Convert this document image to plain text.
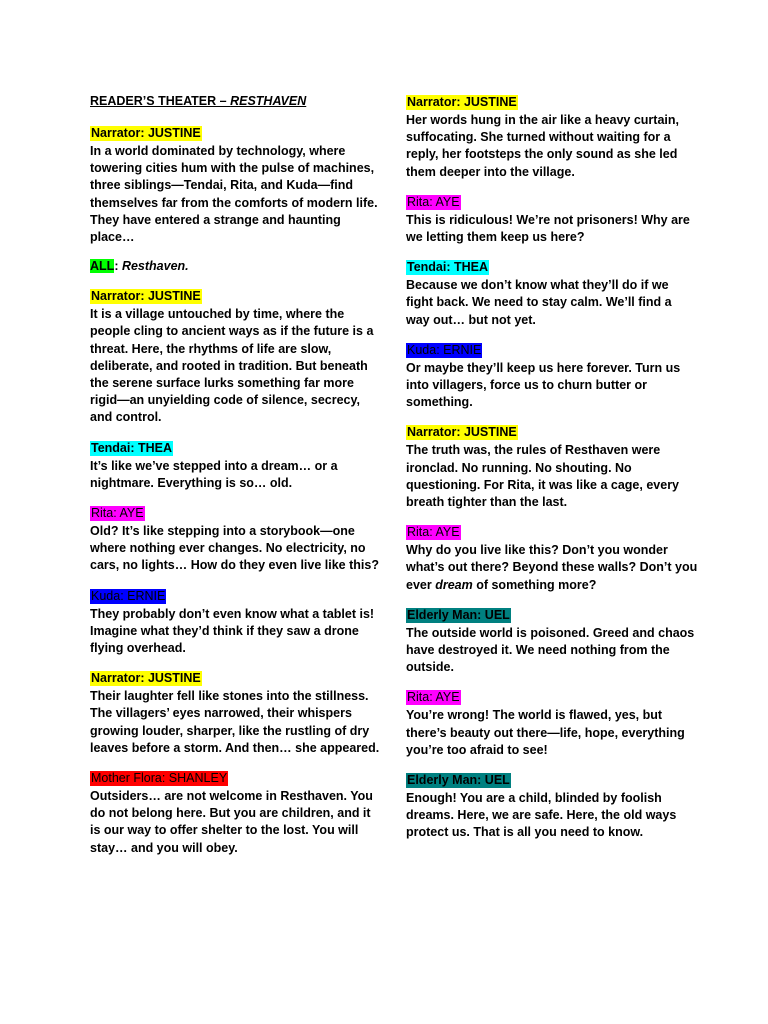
READER’S THEATER – RESTHAVEN
Narrator: JUSTINE

In a world dominated by technology, where towering cities hum with the pulse of machines, three siblings—Tendai, Rita, and Kuda—find themselves far from the comforts of modern life. They have entered a strange and haunting place…

ALL: Resthaven.

Narrator: JUSTINE

It is a village untouched by time, where the people cling to ancient ways as if the future is a threat. Here, the rhythms of life are slow, deliberate, and rooted in tradition. But beneath the serene surface lurks something far more rigid—an unyielding code of silence, secrecy, and control.

Tendai: THEA

It’s like we’ve stepped into a dream… or a nightmare. Everything is so… old.

Rita: AYE

Old? It’s like stepping into a storybook—one where nothing ever changes. No electricity, no cars, no lights… How do they even live like this?

Kuda: ERNIE

They probably don’t even know what a tablet is! Imagine what they’d think if they saw a drone flying overhead.

Narrator: JUSTINE

Their laughter fell like stones into the stillness. The villagers’ eyes narrowed, their whispers growing louder, sharper, like the rustling of dry leaves before a storm. And then… she appeared.

Mother Flora: SHANLEY

Outsiders… are not welcome in Resthaven. You do not belong here. But you are children, and it is our way to offer shelter to the lost. You will stay… and you will obey.

Narrator: JUSTINE

Her words hung in the air like a heavy curtain, suffocating. She turned without waiting for a reply, her footsteps the only sound as she led them deeper into the village.

Rita: AYE

This is ridiculous! We’re not prisoners! Why are we letting them keep us here?

Tendai: THEA

Because we don’t know what they’ll do if we fight back. We need to stay calm. We’ll find a way out… but not yet.

Kuda: ERNIE

Or maybe they’ll keep us here forever. Turn us into villagers, force us to churn butter or something.

Narrator: JUSTINE

The truth was, the rules of Resthaven were ironclad. No running. No shouting. No questioning. For Rita, it was like a cage, every breath tighter than the last.

Rita: AYE

Why do you live like this? Don’t you wonder what’s out there? Beyond these walls? Don’t you ever dream of something more?

Elderly Man: UEL

The outside world is poisoned. Greed and chaos have destroyed it. We need nothing from the outside.

Rita: AYE

You’re wrong! The world is flawed, yes, but there’s beauty out there—life, hope, everything you’re too afraid to see!

Elderly Man: UEL

Enough! You are a child, blinded by foolish dreams. Here, we are safe. Here, the old ways protect us. That is all you need to know.
